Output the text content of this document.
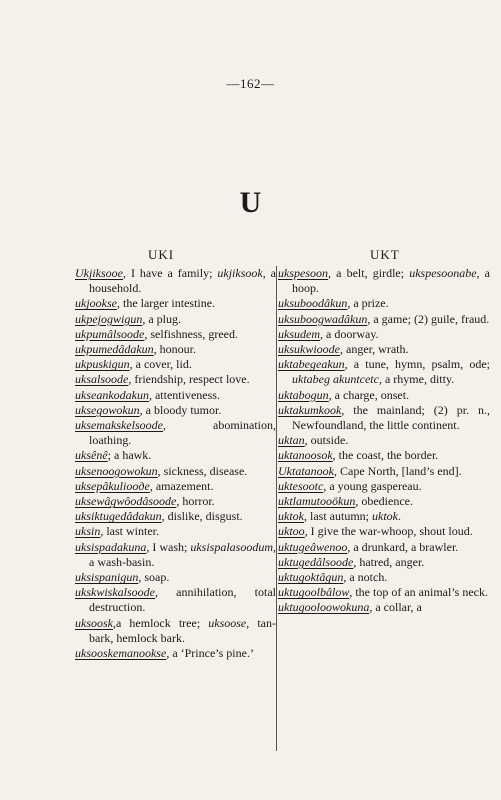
—162—
U
UKI	UKT

Ukjiksooe, I have a family; ukjiksook, a household.

ukjookse, the larger intestine.

ukpejogwigun, a plug.

ukpumâlsoode, selfishness, greed.

ukpumedâdakun, honour.

ukpuskigun, a cover, lid.

uksalsoode, friendship, respect love.

ukseankodakun, attentiveness.

uksegowokun, a bloody tumor.

uksemakskelsoode, abomination, loathing.

uksênê; a hawk.

uksenoogowokun, sickness, disease.

uksepâkuliooде, amazement.

uksewâgwôodâsoode, horror.

uksiktugedâdakun, dislike, disgust.

uksin, last winter.

uksispadakuna, I wash; uksispalasoodum, a wash-basin.

uksispanigun, soap.

ukskwiskalsoode, annihilation, total destruction.

uksoosk,a hemlock tree; uksoose, tan-bark, hemlock bark.

uksooskemanookse, a ‘Prince’s pine.’

ukspesoon, a belt, girdle; ukspesoonabe, a hoop.

uksuboodâkun, a prize.

uksuboogwadâkun, a game; (2) guile, fraud.

uksudem, a doorway.

uksukwioode, anger, wrath.

uktabegeakun, a tune, hymn, psalm, ode; uktabeg akuntcetc, a rhyme, ditty.

uktabogun, a charge, onset.

uktakumkook, the mainland; (2) pr. n., Newfoundland, the little continent.

uktan, outside.

uktanoosok, the coast, the border.

Uktatanook, Cape North, [land’s end].

uktesootc, a young gaspereau.

uktlamutooökun, obedience.

uktok, last autumn; uktok.

uktoo, I give the war-whoop, shout loud.

uktugeâwenoo, a drunkard, a brawler.

uktugedâlsoode, hatred, anger.

uktugoktâgun, a notch.

uktugoolbâlow, the top of an animal’s neck.

uktugooloowokuna, a collar, a
